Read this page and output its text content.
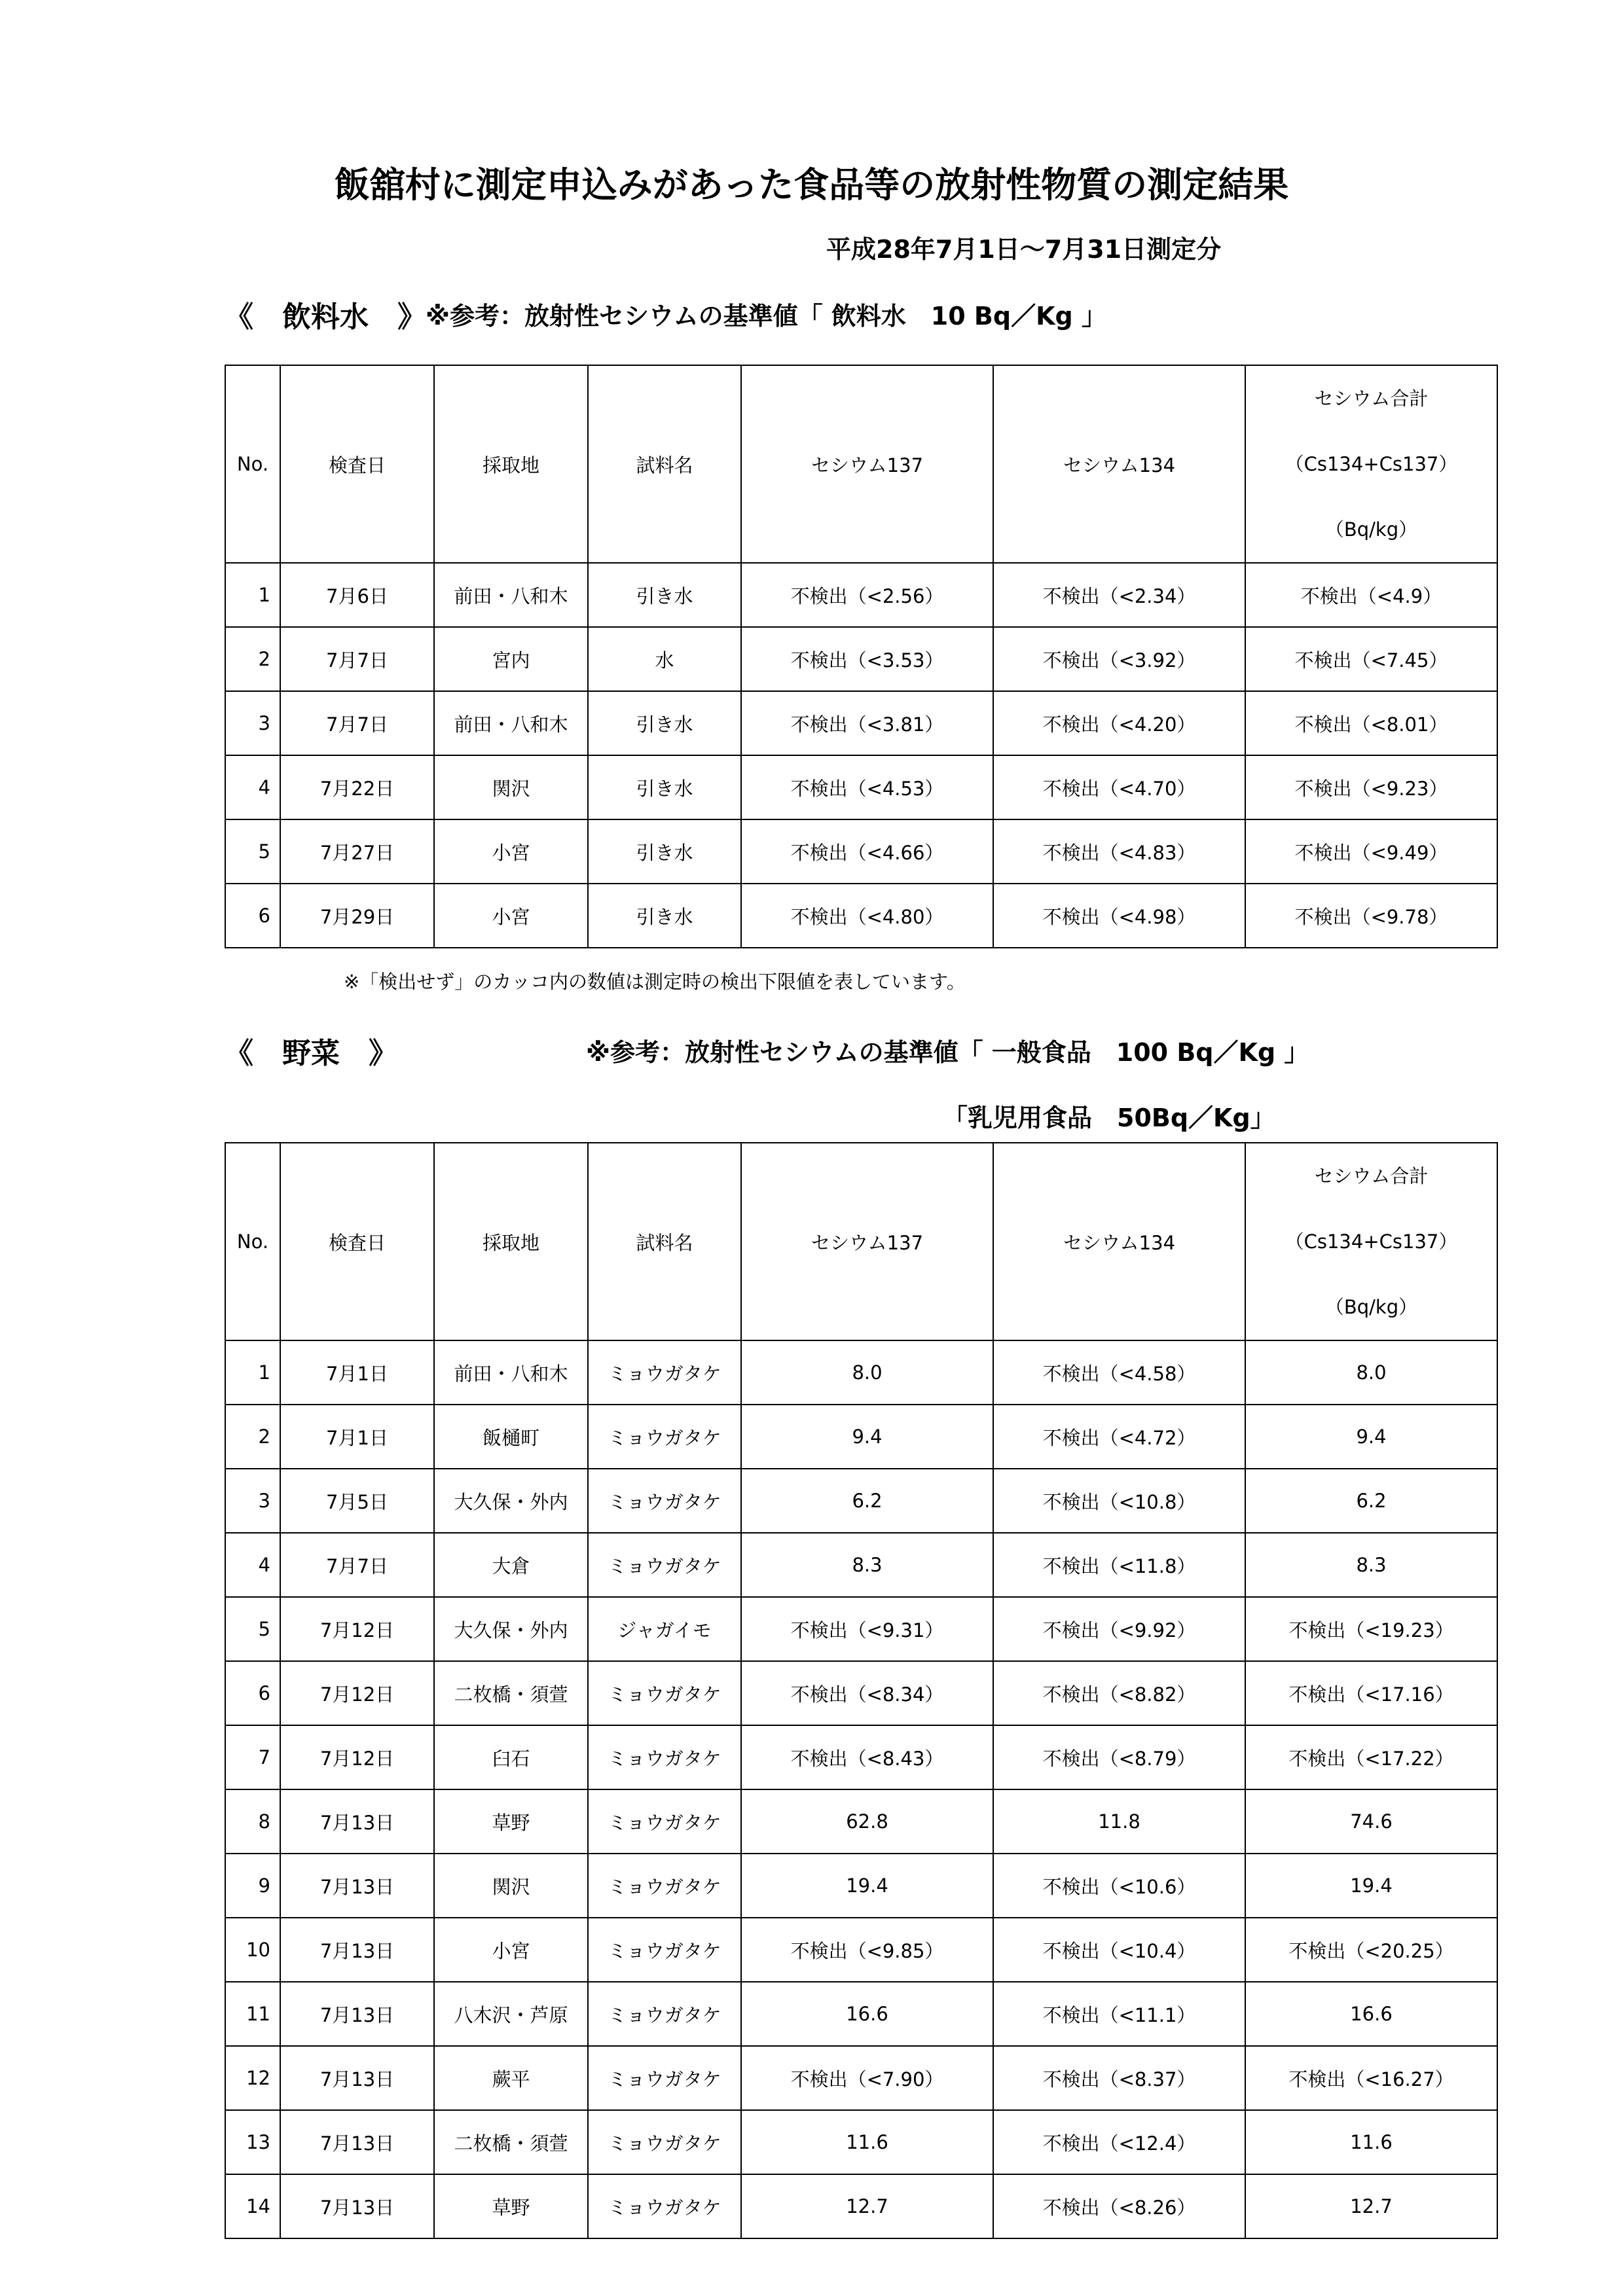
飯舘村に測定申込みがあった食品等の放射性物質の測定結果
平成28年7月1日～7月31日測定分
《　飲料水　》 ※参考：放射性セシウムの基準値「 飲料水　10 Bq／Kg 」
No.	検査日	採取地	試料名	セシウム137	セシウム134	セシウム合計
（Cs134+Cs137）
（Bq/kg）

1	7月6日	前田・八和木	引き水	不検出（<2.56）	不検出（<2.34）	不検出（<4.9）
2	7月7日	宮内	水	不検出（<3.53）	不検出（<3.92）	不検出（<7.45）
3	7月7日	前田・八和木	引き水	不検出（<3.81）	不検出（<4.20）	不検出（<8.01）
4	7月22日	関沢	引き水	不検出（<4.53）	不検出（<4.70）	不検出（<9.23）
5	7月27日	小宮	引き水	不検出（<4.66）	不検出（<4.83）	不検出（<9.49）
6	7月29日	小宮	引き水	不検出（<4.80）	不検出（<4.98）	不検出（<9.78）
※「検出せず」のカッコ内の数値は測定時の検出下限値を表しています。
《　野菜　》	※参考：放射性セシウムの基準値「 一般食品　100 Bq／Kg 」
「乳児用食品　50Bq／Kg」
No.	検査日	採取地	試料名	セシウム137	セシウム134	セシウム合計
（Cs134+Cs137）
（Bq/kg）

1	7月1日	前田・八和木	ミョウガタケ	8.0	不検出（<4.58）	8.0
2	7月1日	飯樋町	ミョウガタケ	9.4	不検出（<4.72）	9.4
3	7月5日	大久保・外内	ミョウガタケ	6.2	不検出（<10.8）	6.2
4	7月7日	大倉	ミョウガタケ	8.3	不検出（<11.8）	8.3
5	7月12日	大久保・外内	ジャガイモ	不検出（<9.31）	不検出（<9.92）	不検出（<19.23）
6	7月12日	二枚橋・須萱	ミョウガタケ	不検出（<8.34）	不検出（<8.82）	不検出（<17.16）
7	7月12日	臼石	ミョウガタケ	不検出（<8.43）	不検出（<8.79）	不検出（<17.22）
8	7月13日	草野	ミョウガタケ	62.8	11.8	74.6
9	7月13日	関沢	ミョウガタケ	19.4	不検出（<10.6）	19.4
10	7月13日	小宮	ミョウガタケ	不検出（<9.85）	不検出（<10.4）	不検出（<20.25）
11	7月13日	八木沢・芦原	ミョウガタケ	16.6	不検出（<11.1）	16.6
12	7月13日	蕨平	ミョウガタケ	不検出（<7.90）	不検出（<8.37）	不検出（<16.27）
13	7月13日	二枚橋・須萱	ミョウガタケ	11.6	不検出（<12.4）	11.6
14	7月13日	草野	ミョウガタケ	12.7	不検出（<8.26）	12.7
